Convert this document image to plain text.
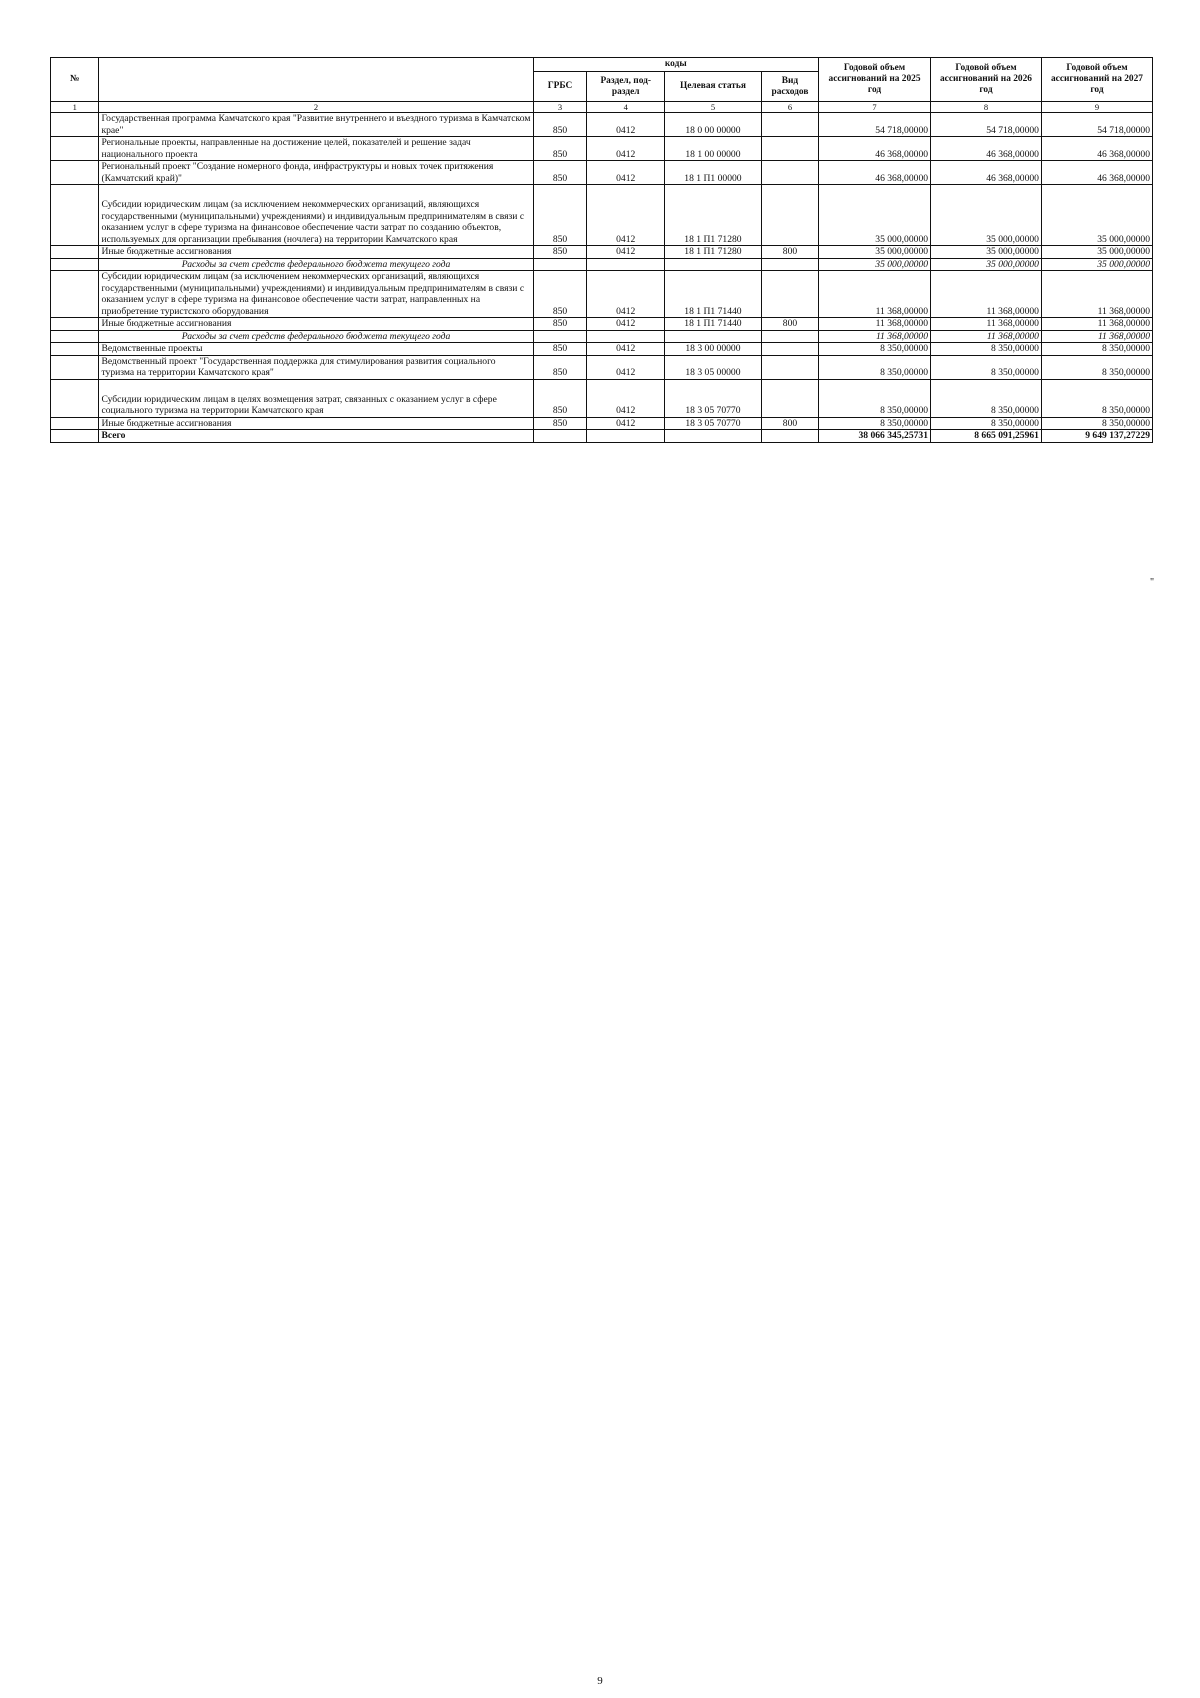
№		коды				Годовой объем ассигнований на 2025 год	Годовой объем ассигнований на 2026 год	Годовой объем ассигнований на 2027 год
		ГРБС	Раздел, под-раздел	Целевая статья	Вид расходов			
1	2	3	4	5	6	7	8	9
	Государственная программа Камчатского края "Развитие внутреннего и въездного туризма в Камчатском крае"	850	0412	18 0 00 00000		54 718,00000	54 718,00000	54 718,00000
	Региональные проекты, направленные на достижение целей, показателей и решение задач национального проекта	850	0412	18 1 00 00000		46 368,00000	46 368,00000	46 368,00000
	Региональный проект "Создание номерного фонда, инфраструктуры и новых точек притяжения (Камчатский край)"	850	0412	18 1 П1 00000		46 368,00000	46 368,00000	46 368,00000
	Субсидии юридическим лицам (за исключением некоммерческих организаций, являющихся государственными (муниципальными) учреждениями) и индивидуальным предпринимателям в связи с оказанием услуг в сфере туризма на финансовое обеспечение части затрат по созданию объектов, используемых для организации пребывания (ночлега) на территории Камчатского края	850	0412	18 1 П1 71280		35 000,00000	35 000,00000	35 000,00000
	Иные бюджетные ассигнования	850	0412	18 1 П1 71280	800	35 000,00000	35 000,00000	35 000,00000
	Расходы за счет средств федерального бюджета текущего года					35 000,00000	35 000,00000	35 000,00000
	Субсидии юридическим лицам (за исключением некоммерческих организаций, являющихся государственными (муниципальными) учреждениями) и индивидуальным предпринимателям в связи с оказанием услуг в сфере туризма на финансовое обеспечение части затрат, направленных на приобретение туристского оборудования	850	0412	18 1 П1 71440		11 368,00000	11 368,00000	11 368,00000
	Иные бюджетные ассигнования	850	0412	18 1 П1 71440	800	11 368,00000	11 368,00000	11 368,00000
	Расходы за счет средств федерального бюджета текущего года					11 368,00000	11 368,00000	11 368,00000
	Ведомственные проекты	850	0412	18 3 00 00000		8 350,00000	8 350,00000	8 350,00000
	Ведомственный проект "Государственная поддержка для стимулирования развития социального туризма на территории Камчатского края"	850	0412	18 3 05 00000		8 350,00000	8 350,00000	8 350,00000
	Субсидии юридическим лицам в целях возмещения затрат, связанных с оказанием услуг в сфере социального туризма на территории Камчатского края	850	0412	18 3 05 70770		8 350,00000	8 350,00000	8 350,00000
	Иные бюджетные ассигнования	850	0412	18 3 05 70770	800	8 350,00000	8 350,00000	8 350,00000
	Всего					38 066 345,25731	8 665 091,25961	9 649 137,27229
"
9
